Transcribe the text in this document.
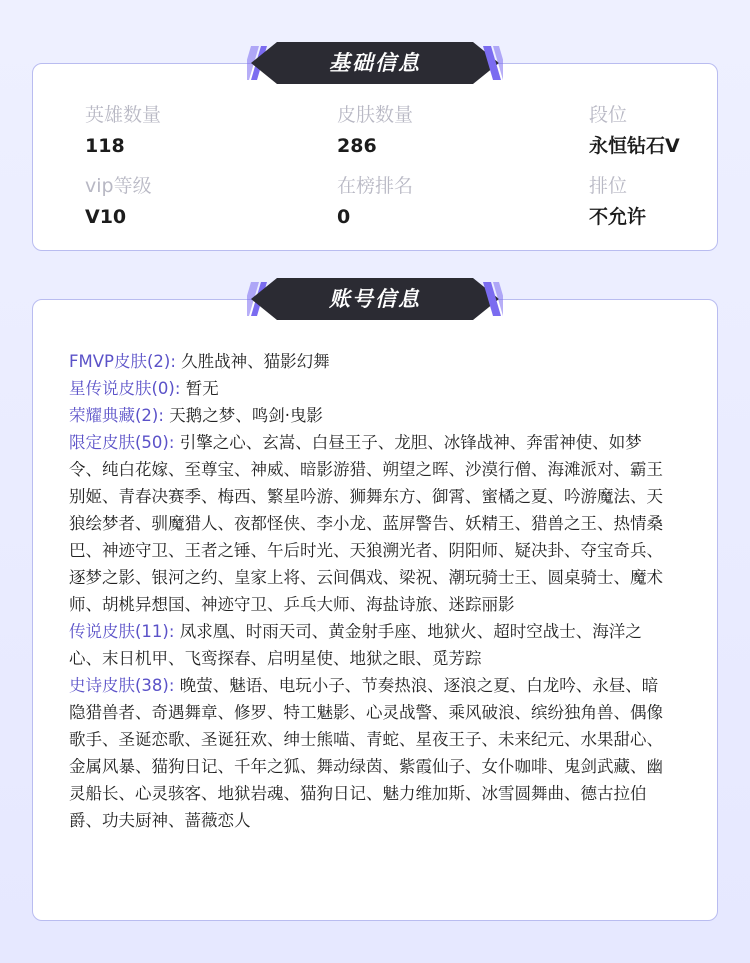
英雄数量
118
皮肤数量
286
段位
永恒钻石V
vip等级
V10
在榜排名
0
排位
不允许
基础信息
FMVP皮肤(2): 久胜战神、猫影幻舞
星传说皮肤(0): 暂无
荣耀典藏(2): 天鹅之梦、鸣剑·曳影
限定皮肤(50): 引擎之心、玄嵩、白昼王子、龙胆、冰锋战神、奔雷神使、如梦令、纯白花嫁、至尊宝、神威、暗影游猎、朔望之晖、沙漠行僧、海滩派对、霸王别姬、青春决赛季、梅西、繁星吟游、狮舞东方、御霄、蜜橘之夏、吟游魔法、天狼绘梦者、驯魔猎人、夜都怪侠、李小龙、蓝屏警告、妖精王、猎兽之王、热情桑巴、神迹守卫、王者之锤、午后时光、天狼溯光者、阴阳师、疑决卦、夺宝奇兵、逐梦之影、银河之约、皇家上将、云间偶戏、梁祝、潮玩骑士王、圆桌骑士、魔术师、胡桃异想国、神迹守卫、乒乓大师、海盐诗旅、迷踪丽影
传说皮肤(11): 凤求凰、时雨天司、黄金射手座、地狱火、超时空战士、海洋之心、末日机甲、飞鸾探春、启明星使、地狱之眼、觅芳踪
史诗皮肤(38): 晚萤、魅语、电玩小子、节奏热浪、逐浪之夏、白龙吟、永昼、暗隐猎兽者、奇遇舞章、修罗、特工魅影、心灵战警、乘风破浪、缤纷独角兽、偶像歌手、圣诞恋歌、圣诞狂欢、绅士熊喵、青蛇、星夜王子、未来纪元、水果甜心、金属风暴、猫狗日记、千年之狐、舞动绿茵、紫霞仙子、女仆咖啡、鬼剑武藏、幽灵船长、心灵骇客、地狱岩魂、猫狗日记、魅力维加斯、冰雪圆舞曲、德古拉伯爵、功夫厨神、蔷薇恋人
账号信息
